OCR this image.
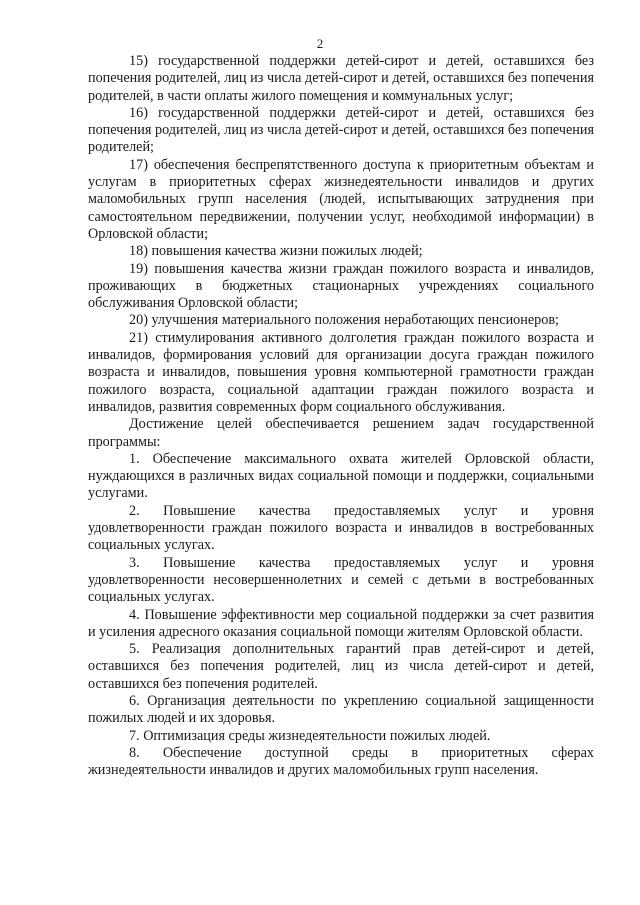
2

15) государственной поддержки детей-сирот и детей, оставшихся без попечения родителей, лиц из числа детей-сирот и детей, оставшихся без попечения родителей, в части оплаты жилого помещения и коммунальных услуг;

16) государственной поддержки детей-сирот и детей, оставшихся без попечения родителей, лиц из числа детей-сирот и детей, оставшихся без попечения родителей;

17) обеспечения беспрепятственного доступа к приоритетным объектам и услугам в приоритетных сферах жизнедеятельности инвалидов и других маломобильных групп населения (людей, испытывающих затруднения при самостоятельном передвижении, получении услуг, необходимой информации) в Орловской области;

18) повышения качества жизни пожилых людей;

19) повышения качества жизни граждан пожилого возраста и инвалидов, проживающих в бюджетных стационарных учреждениях социального обслуживания Орловской области;

20) улучшения материального положения неработающих пенсионеров;

21) стимулирования активного долголетия граждан пожилого возраста и инвалидов, формирования условий для организации досуга граждан пожилого возраста и инвалидов, повышения уровня компьютерной грамотности граждан пожилого возраста, социальной адаптации граждан пожилого возраста и инвалидов, развития современных форм социального обслуживания.

Достижение целей обеспечивается решением задач государственной программы:

1. Обеспечение максимального охвата жителей Орловской области, нуждающихся в различных видах социальной помощи и поддержки, социальными услугами.

2. Повышение качества предоставляемых услуг и уровня удовлетворенности граждан пожилого возраста и инвалидов в востребованных социальных услугах.

3. Повышение качества предоставляемых услуг и уровня удовлетворенности несовершеннолетних и семей с детьми в востребованных социальных услугах.

4. Повышение эффективности мер социальной поддержки за счет развития и усиления адресного оказания социальной помощи жителям Орловской области.

5. Реализация дополнительных гарантий прав детей-сирот и детей, оставшихся без попечения родителей, лиц из числа детей-сирот и детей, оставшихся без попечения родителей.

6. Организация деятельности по укреплению социальной защищенности пожилых людей и их здоровья.

7. Оптимизация среды жизнедеятельности пожилых людей.

8. Обеспечение доступной среды в приоритетных сферах жизнедеятельности инвалидов и других маломобильных групп населения.
